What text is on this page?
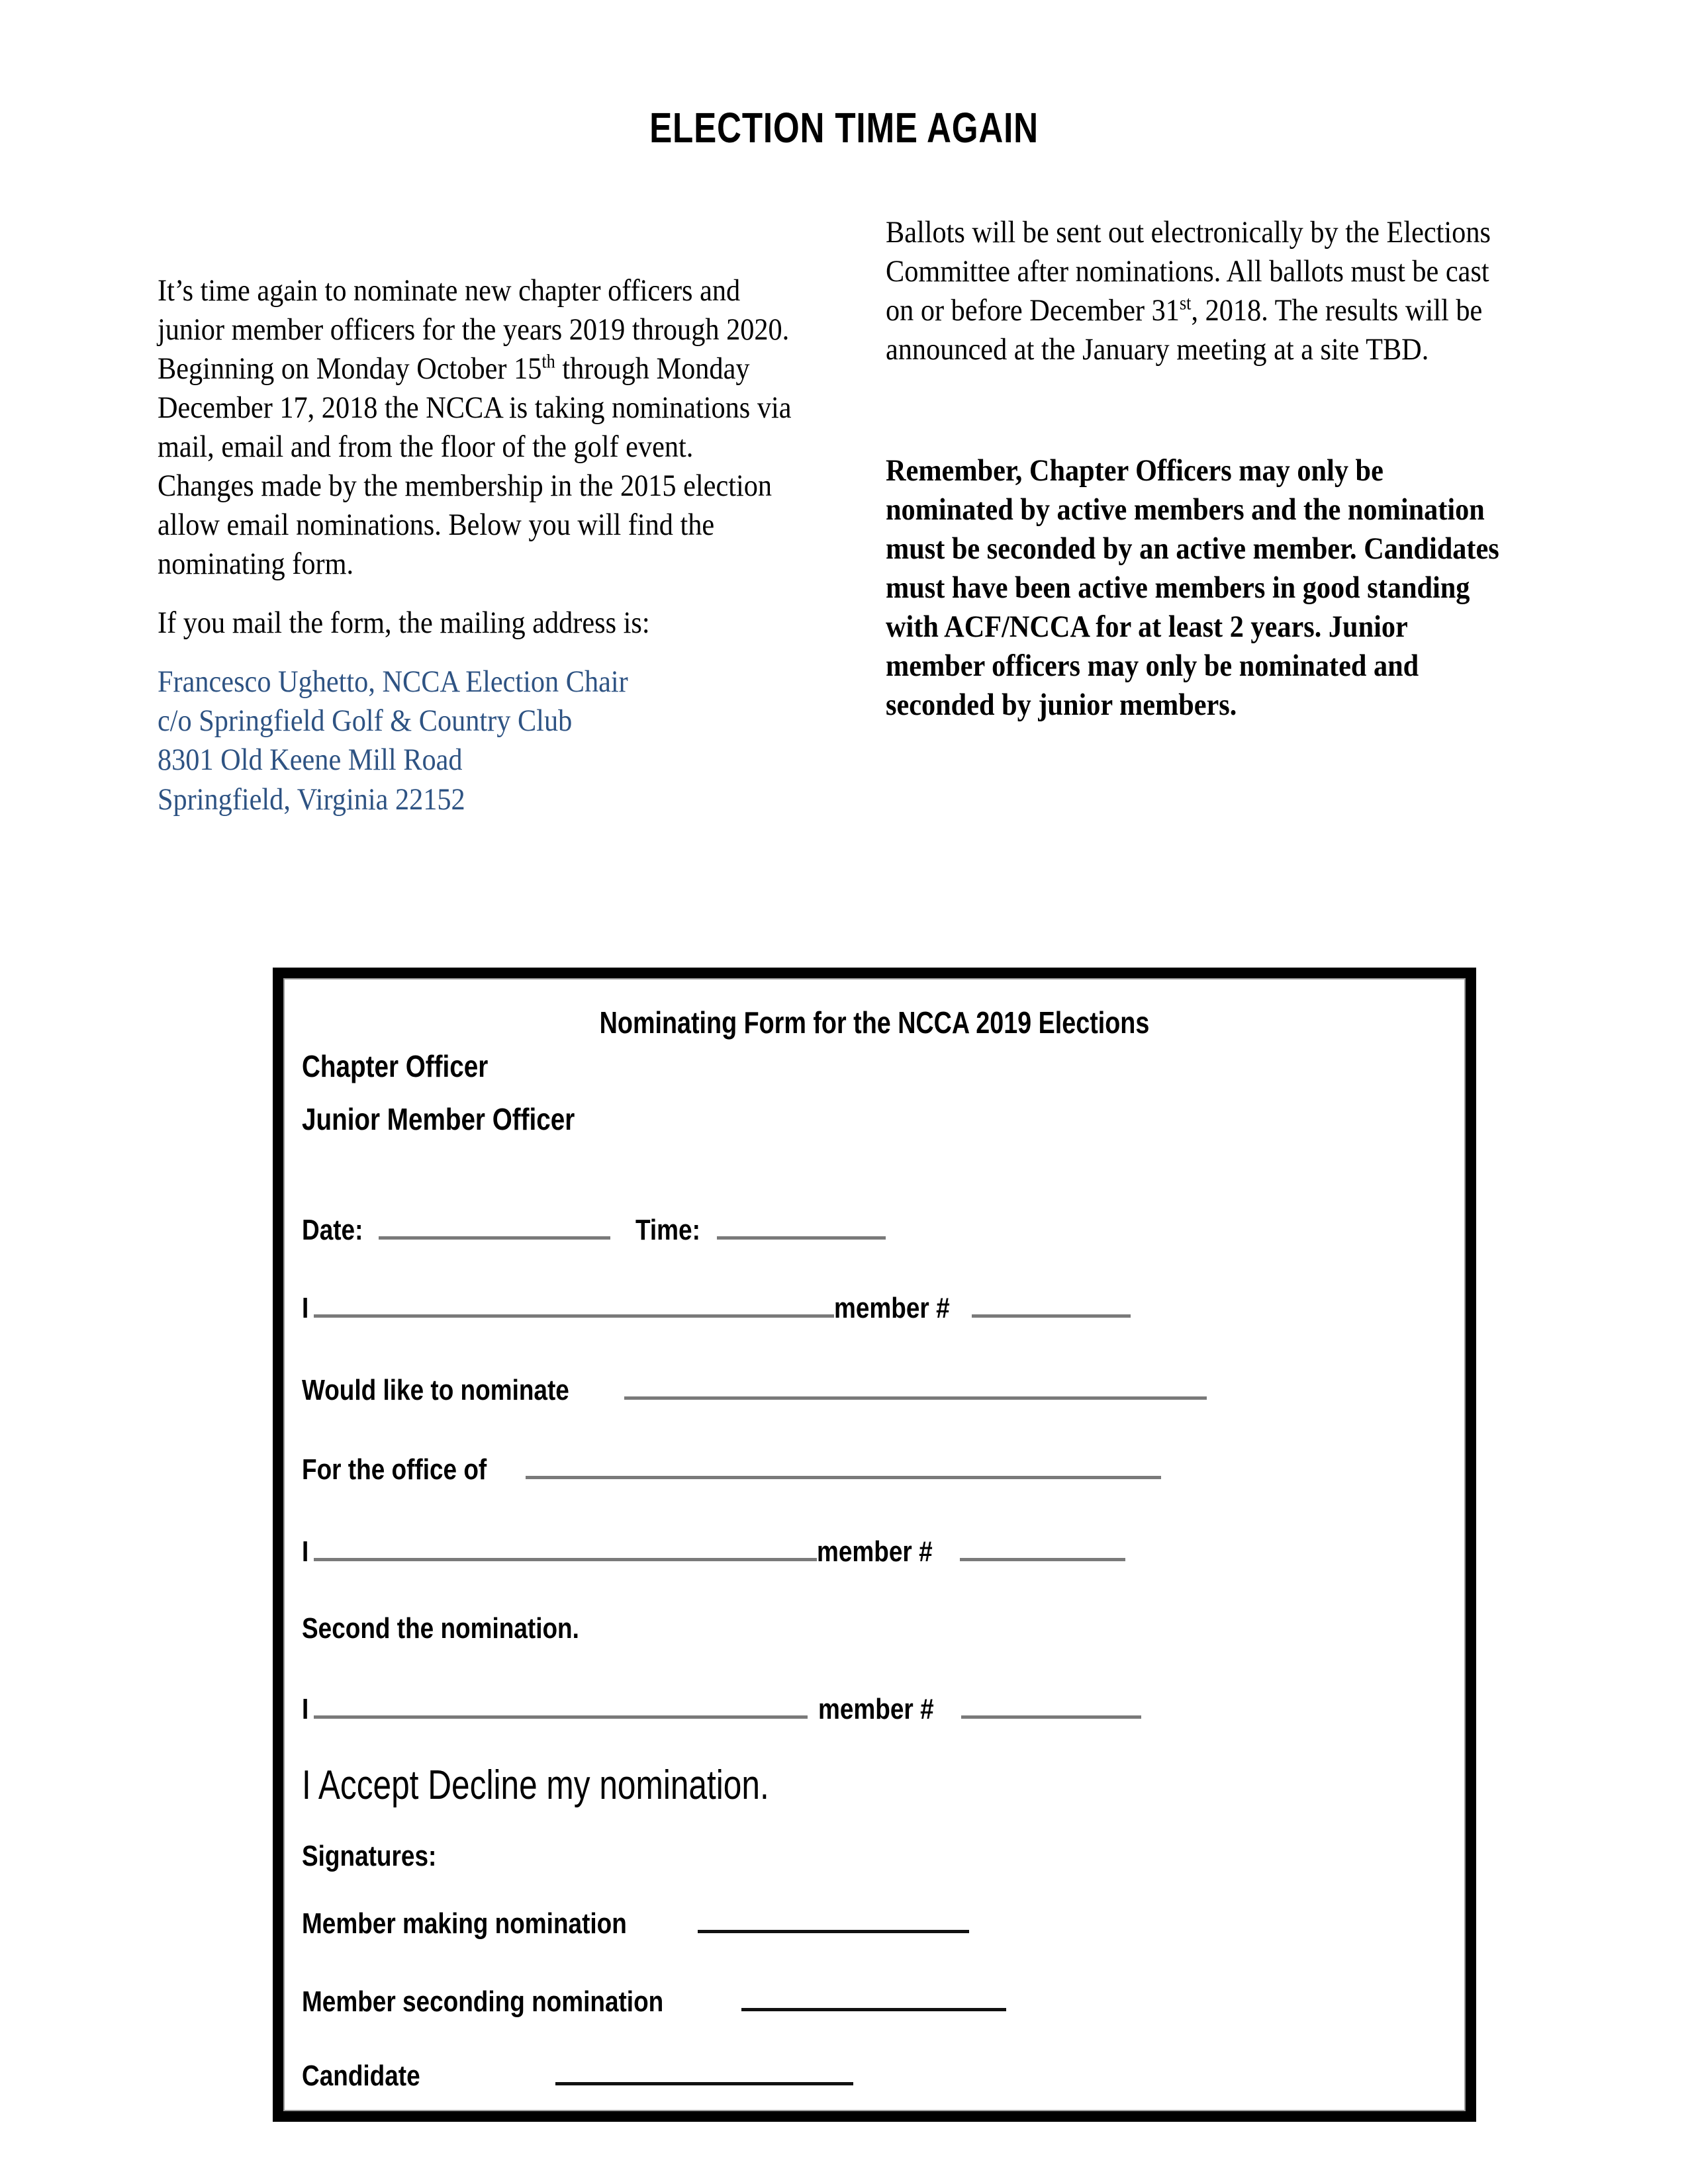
ELECTION TIME AGAIN

It’s time again to nominate new chapter officers and junior member officers for the years 2019 through 2020. Beginning on Monday October 15th through Monday December 17, 2018 the NCCA is taking nominations via mail, email and from the floor of the golf event. Changes made by the membership in the 2015 election allow email nominations. Below you will find the nominating form.

If you mail the form, the mailing address is:

Francesco Ughetto, NCCA Election Chair
c/o Springfield Golf & Country Club
8301 Old Keene Mill Road
Springfield, Virginia 22152

Ballots will be sent out electronically by the Elections Committee after nominations. All ballots must be cast on or before December 31st, 2018. The results will be announced at the January meeting at a site TBD.

Remember, Chapter Officers may only be nominated by active members and the nomination must be seconded by an active member. Candidates must have been active members in good standing with ACF/NCCA for at least 2 years. Junior member officers may only be nominated and seconded by junior members.

Nominating Form for the NCCA 2019 Elections
Chapter Officer
Junior Member Officer
Date:	Time:
I	member #
Would like to nominate
For the office of
I	member #
Second the nomination.
I	member #
I Accept Decline my nomination.
Signatures:
Member making nomination
Member seconding nomination
Candidate
